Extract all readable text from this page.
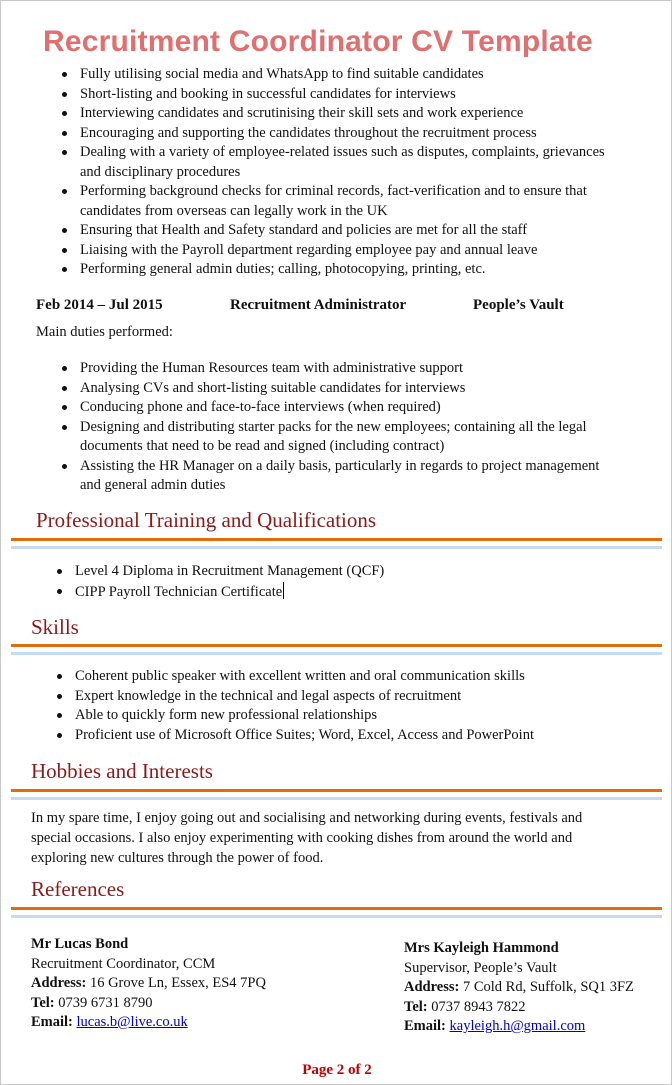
Recruitment Coordinator CV Template
Fully utilising social media and WhatsApp to find suitable candidates
Short-listing and booking in successful candidates for interviews
Interviewing candidates and scrutinising their skill sets and work experience
Encouraging and supporting the candidates throughout the recruitment process
Dealing with a variety of employee-related issues such as disputes, complaints, grievances and disciplinary procedures
Performing background checks for criminal records, fact-verification and to ensure that candidates from overseas can legally work in the UK
Ensuring that Health and Safety standard and policies are met for all the staff
Liaising with the Payroll department regarding employee pay and annual leave
Performing general admin duties; calling, photocopying, printing, etc.
Feb 2014 – Jul 2015	Recruitment Administrator	People’s Vault
Main duties performed:
Providing the Human Resources team with administrative support
Analysing CVs and short-listing suitable candidates for interviews
Conducing phone and face-to-face interviews (when required)
Designing and distributing starter packs for the new employees; containing all the legal documents that need to be read and signed (including contract)
Assisting the HR Manager on a daily basis, particularly in regards to project management and general admin duties
Professional Training and Qualifications
Level 4 Diploma in Recruitment Management (QCF)
CIPP Payroll Technician Certificate
Skills
Coherent public speaker with excellent written and oral communication skills
Expert knowledge in the technical and legal aspects of recruitment
Able to quickly form new professional relationships
Proficient use of Microsoft Office Suites; Word, Excel, Access and PowerPoint
Hobbies and Interests
In my spare time, I enjoy going out and socialising and networking during events, festivals and special occasions. I also enjoy experimenting with cooking dishes from around the world and exploring new cultures through the power of food.
References
Mr Lucas Bond
Recruitment Coordinator, CCM
Address: 16 Grove Ln, Essex, ES4 7PQ
Tel: 0739 6731 8790
Email: lucas.b@live.co.uk
Mrs Kayleigh Hammond
Supervisor, People’s Vault
Address: 7 Cold Rd, Suffolk, SQ1 3FZ
Tel: 0737 8943 7822
Email: kayleigh.h@gmail.com
Page 2 of 2
